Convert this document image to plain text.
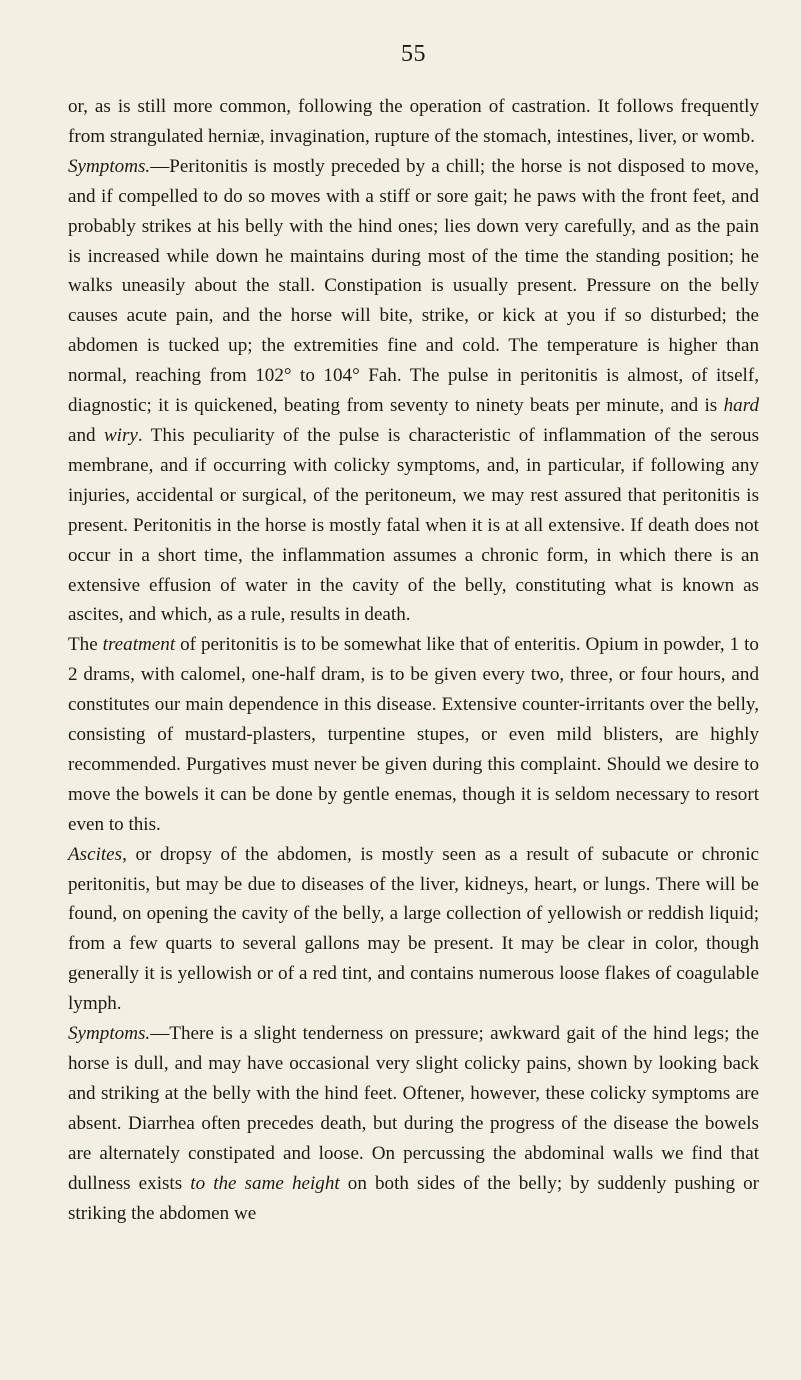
55

or, as is still more common, following the operation of castration. It follows frequently from strangulated herniæ, invagination, rupture of the stomach, intestines, liver, or womb.

Symptoms.—Peritonitis is mostly preceded by a chill; the horse is not disposed to move, and if compelled to do so moves with a stiff or sore gait; he paws with the front feet, and probably strikes at his belly with the hind ones; lies down very carefully, and as the pain is increased while down he maintains during most of the time the standing position; he walks uneasily about the stall. Constipation is usually present. Pressure on the belly causes acute pain, and the horse will bite, strike, or kick at you if so disturbed; the abdomen is tucked up; the extremities fine and cold. The temperature is higher than normal, reaching from 102° to 104° Fah. The pulse in peritonitis is almost, of itself, diagnostic; it is quickened, beating from seventy to ninety beats per minute, and is hard and wiry. This peculiarity of the pulse is characteristic of inflammation of the serous membrane, and if occurring with colicky symptoms, and, in particular, if following any injuries, accidental or surgical, of the peritoneum, we may rest assured that peritonitis is present. Peritonitis in the horse is mostly fatal when it is at all extensive. If death does not occur in a short time, the inflammation assumes a chronic form, in which there is an extensive effusion of water in the cavity of the belly, constituting what is known as ascites, and which, as a rule, results in death.

The treatment of peritonitis is to be somewhat like that of enteritis. Opium in powder, 1 to 2 drams, with calomel, one-half dram, is to be given every two, three, or four hours, and constitutes our main dependence in this disease. Extensive counter-irritants over the belly, consisting of mustard-plasters, turpentine stupes, or even mild blisters, are highly recommended. Purgatives must never be given during this complaint. Should we desire to move the bowels it can be done by gentle enemas, though it is seldom necessary to resort even to this.

Ascites, or dropsy of the abdomen, is mostly seen as a result of subacute or chronic peritonitis, but may be due to diseases of the liver, kidneys, heart, or lungs. There will be found, on opening the cavity of the belly, a large collection of yellowish or reddish liquid; from a few quarts to several gallons may be present. It may be clear in color, though generally it is yellowish or of a red tint, and contains numerous loose flakes of coagulable lymph.

Symptoms.—There is a slight tenderness on pressure; awkward gait of the hind legs; the horse is dull, and may have occasional very slight colicky pains, shown by looking back and striking at the belly with the hind feet. Oftener, however, these colicky symptoms are absent. Diarrhea often precedes death, but during the progress of the disease the bowels are alternately constipated and loose. On percussing the abdominal walls we find that dullness exists to the same height on both sides of the belly; by suddenly pushing or striking the abdomen we
